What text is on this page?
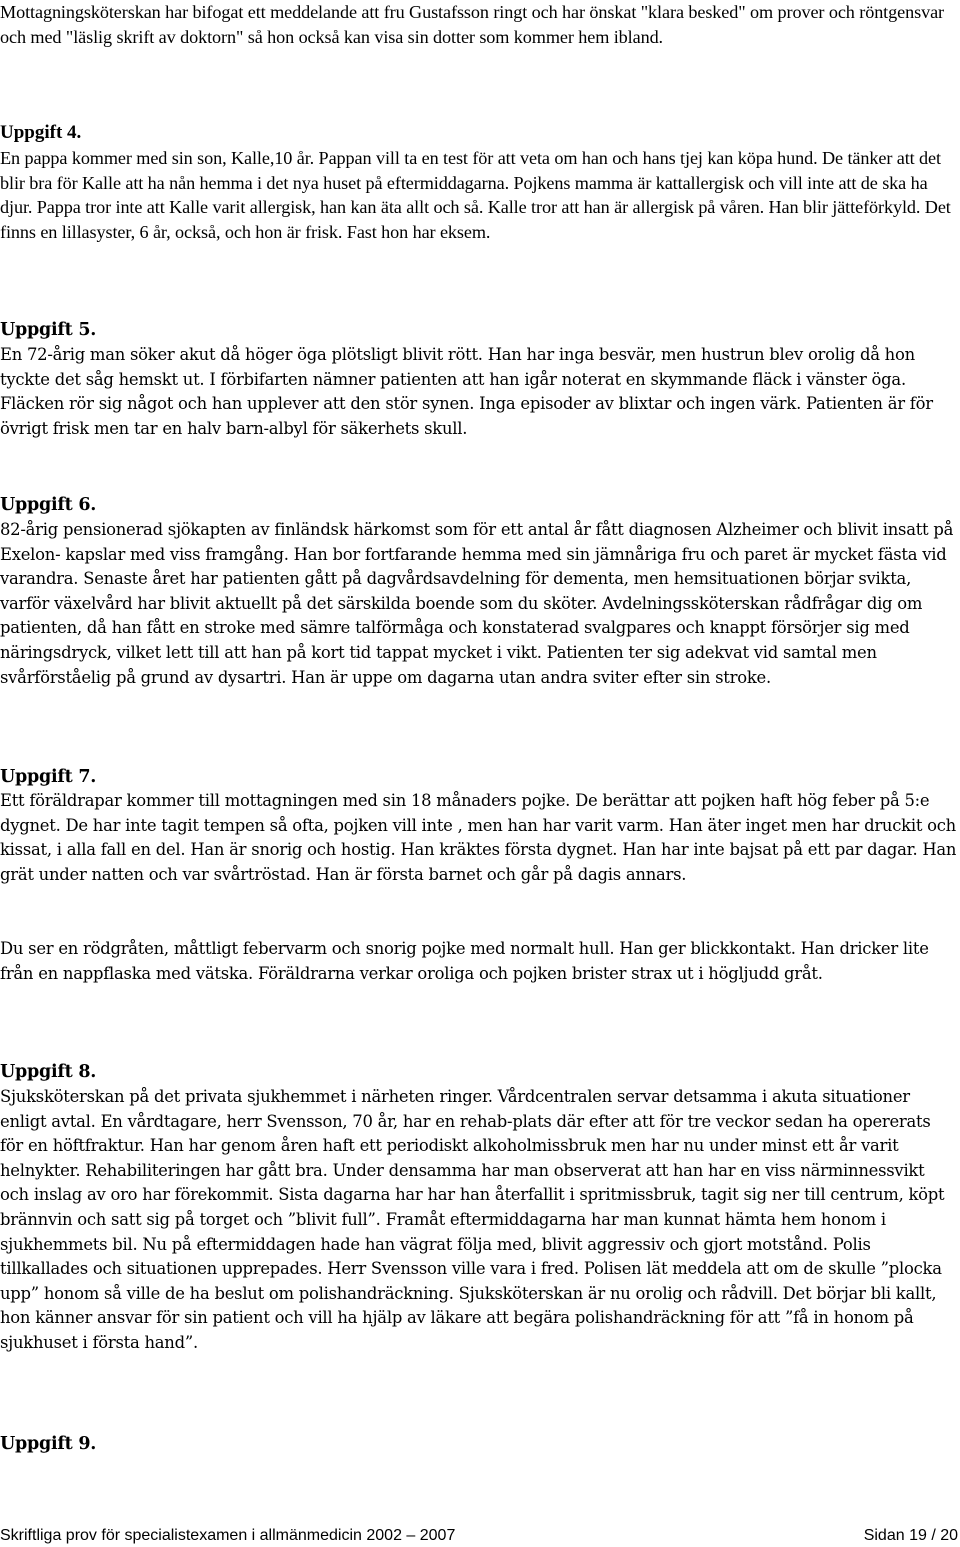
Mottagningsköterskan har bifogat ett meddelande att fru Gustafsson ringt och har önskat "klara besked" om prover och röntgensvar och med "läslig skrift av doktorn" så hon också kan visa sin dotter som kommer hem ibland.

Uppgift 4.

En pappa kommer med sin son, Kalle,10 år. Pappan vill ta en test för att veta om han och hans tjej kan köpa hund. De tänker att det blir bra för Kalle att ha nån hemma i det nya huset på eftermiddagarna. Pojkens mamma är kattallergisk och vill inte att de ska ha djur. Pappa tror inte att Kalle varit allergisk, han kan äta allt och så. Kalle tror att han är allergisk på våren. Han blir jätteförkyld. Det finns en lillasyster, 6 år, också, och hon är frisk. Fast hon har eksem.

Uppgift 5.

En 72-årig man söker akut då höger öga plötsligt blivit rött. Han har inga besvär, men hustrun blev orolig då hon tyckte det såg hemskt ut. I förbifarten nämner patienten att han igår noterat en skymmande fläck i vänster öga. Fläcken rör sig något och han upplever att den stör synen. Inga episoder av blixtar och ingen värk. Patienten är för övrigt frisk men tar en halv barn-albyl för säkerhets skull.

Uppgift 6.

82-årig pensionerad sjökapten av finländsk härkomst som för ett antal år fått diagnosen Alzheimer och blivit insatt på Exelon- kapslar med viss framgång. Han bor fortfarande hemma med sin jämnåriga fru och paret är mycket fästa vid varandra. Senaste året har patienten gått på dagvårdsavdelning för dementa, men hemsituationen börjar svikta, varför växelvård har blivit aktuellt på det särskilda boende som du sköter. Avdelningssköterskan rådfrågar dig om patienten, då han fått en stroke med sämre talförmåga och konstaterad svalgpares och knappt försörjer sig med näringsdryck, vilket lett till att han på kort tid tappat mycket i vikt. Patienten ter sig adekvat vid samtal men svårförståelig på grund av dysartri. Han är uppe om dagarna utan andra sviter efter sin stroke.

Uppgift 7.

Ett föräldrapar kommer till mottagningen med sin 18 månaders pojke. De berättar att pojken haft hög feber på 5:e dygnet. De har inte tagit tempen så ofta, pojken vill inte , men han har varit varm. Han äter inget men har druckit och kissat, i alla fall en del. Han är snorig och hostig. Han kräktes första dygnet. Han har inte bajsat på ett par dagar. Han grät under natten och var svårtröstad. Han är första barnet och går på dagis annars.

Du ser en rödgråten, måttligt febervarm och snorig pojke med normalt hull. Han ger blickkontakt. Han dricker lite från en nappflaska med vätska. Föräldrarna verkar oroliga och pojken brister strax ut i högljudd gråt.

Uppgift 8.

Sjuksköterskan på det privata sjukhemmet i närheten ringer. Vårdcentralen servar detsamma i akuta situationer enligt avtal. En vårdtagare, herr Svensson, 70 år, har en rehab-plats där efter att för tre veckor sedan ha opererats för en höftfraktur. Han har genom åren haft ett periodiskt alkoholmissbruk men har nu under minst ett år varit helnykter. Rehabiliteringen har gått bra. Under densamma har man observerat att han har en viss närminnessvikt och inslag av oro har förekommit. Sista dagarna har har han återfallit i spritmissbruk, tagit sig ner till centrum, köpt brännvin och satt sig på torget och ”blivit full”. Framåt eftermiddagarna har man kunnat hämta hem honom i sjukhemmets bil. Nu på eftermiddagen hade han vägrat följa med, blivit aggressiv och gjort motstånd. Polis tillkallades och situationen upprepades. Herr Svensson ville vara i fred. Polisen lät meddela att om de skulle ”plocka upp” honom så ville de ha beslut om polishandräckning. Sjuksköterskan är nu orolig och rådvill. Det börjar bli kallt, hon känner ansvar för sin patient och vill ha hjälp av läkare att begära polishandräckning för att ”få in honom på sjukhuset i första hand”.

Uppgift 9.
Skriftliga prov för specialistexamen i allmänmedicin 2002 – 2007	Sidan 19 / 20
